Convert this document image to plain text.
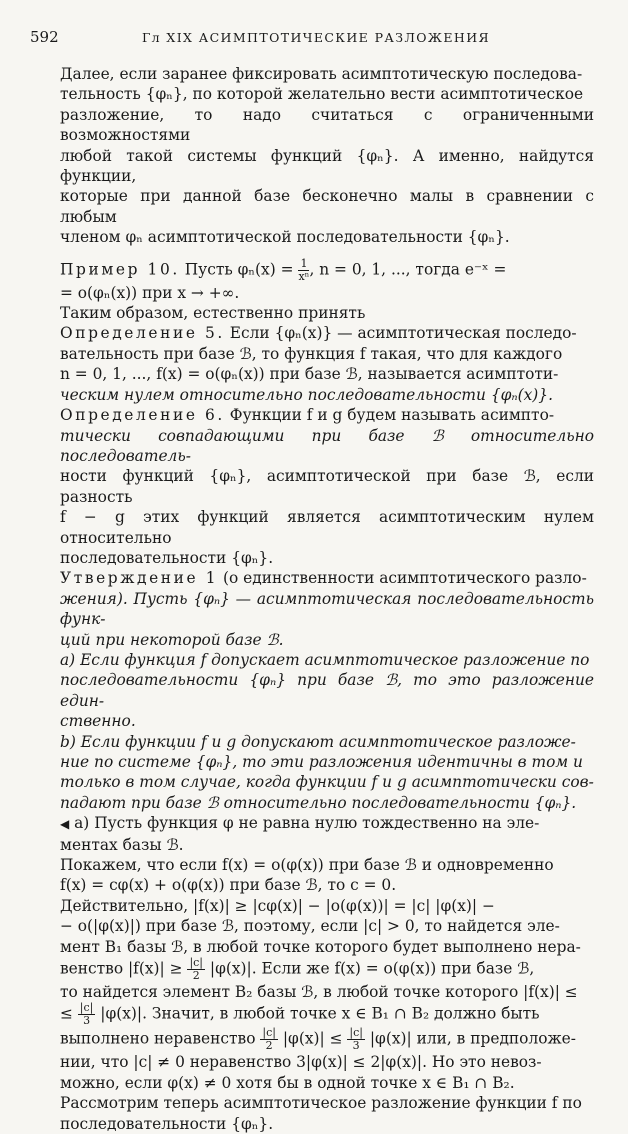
592	Гл XIX АСИМПТОТИЧЕСКИЕ РАЗЛОЖЕНИЯ

Далее, если заранее фиксировать асимптотическую последова-
тельность {φₙ}, по которой желательно вести асимптотическое
разложение, то надо считаться с ограниченными возможностями
любой такой системы функций {φₙ}. А именно, найдутся функции,
которые при данной базе бесконечно малы в сравнении с любым
членом φₙ асимптотической последовательности {φₙ}.

Пример 10. Пусть $\varphi_n(x) = \frac{1}{\text{xⁿ}}$ , n = 0, 1, ..., тогда e⁻ˣ =
= o(φₙ(x)) при x → +∞.

Таким образом, естественно принять

Определение 5. Если {φₙ(x)} — асимптотическая последо-
вательность при базе ℬ, то функция f такая, что для каждого
n = 0, 1, ..., f(x) = o(φₙ(x)) при базе ℬ, называется асимптоти-
ческим нулем относительно последовательности {φₙ(x)}.

Определение 6. Функции f и g будем называть асимпто-
тически совпадающими при базе ℬ относительно последователь-
ности функций {φₙ}, асимптотической при базе ℬ, если разность
f − g этих функций является асимптотическим нулем относительно
последовательности {φₙ}.

Утверждение 1 (о единственности асимптотического разло-
жения). Пусть {φₙ} — асимптотическая последовательность функ-
ций при некоторой базе ℬ.

a) Если функция f допускает асимптотическое разложение по
последовательности {φₙ} при базе ℬ, то это разложение един-
ственно.

b) Если функции f и g допускают асимптотическое разложе-
ние по системе {φₙ}, то эти разложения идентичны в том и
только в том случае, когда функции f и g асимптотически сов-
падают при базе ℬ относительно последовательности {φₙ}.

◀ a) Пусть функция φ не равна нулю тождественно на эле-
ментах базы ℬ.

Покажем, что если f(x) = o(φ(x)) при базе ℬ и одновременно
f(x) = cφ(x) + o(φ(x)) при базе ℬ, то c = 0.

Действительно, |f(x)| ≥ |cφ(x)| − |o(φ(x))| = |c| |φ(x)| −
− o(|φ(x)|) при базе ℬ, поэтому, если |c| > 0, то найдется эле-
мент B₁ базы ℬ, в любой точке которого будет выполнено нера-
венство $|f(x)| \ge \frac{|c|}{2} |\varphi(x)|$. Если же f(x) = o(φ(x)) при базе ℬ,
то найдется элемент B₂ базы ℬ, в любой точке которого |f(x)| ≤
≤ $\frac{|c|}{3} |\varphi(x)|$. Значит, в любой точке x ∈ B₁ ∩ B₂ должно быть
выполнено неравенство $\frac{|c|}{2} |\varphi(x)| \le \frac{|c|}{3} |\varphi(x)|$ или, в предположе-
нии, что |c| ≠ 0 неравенство 3|φ(x)| ≤ 2|φ(x)|. Но это невоз-
можно, если φ(x) ≠ 0 хотя бы в одной точке x ∈ B₁ ∩ B₂.

Рассмотрим теперь асимптотическое разложение функции f по
последовательности {φₙ}.
